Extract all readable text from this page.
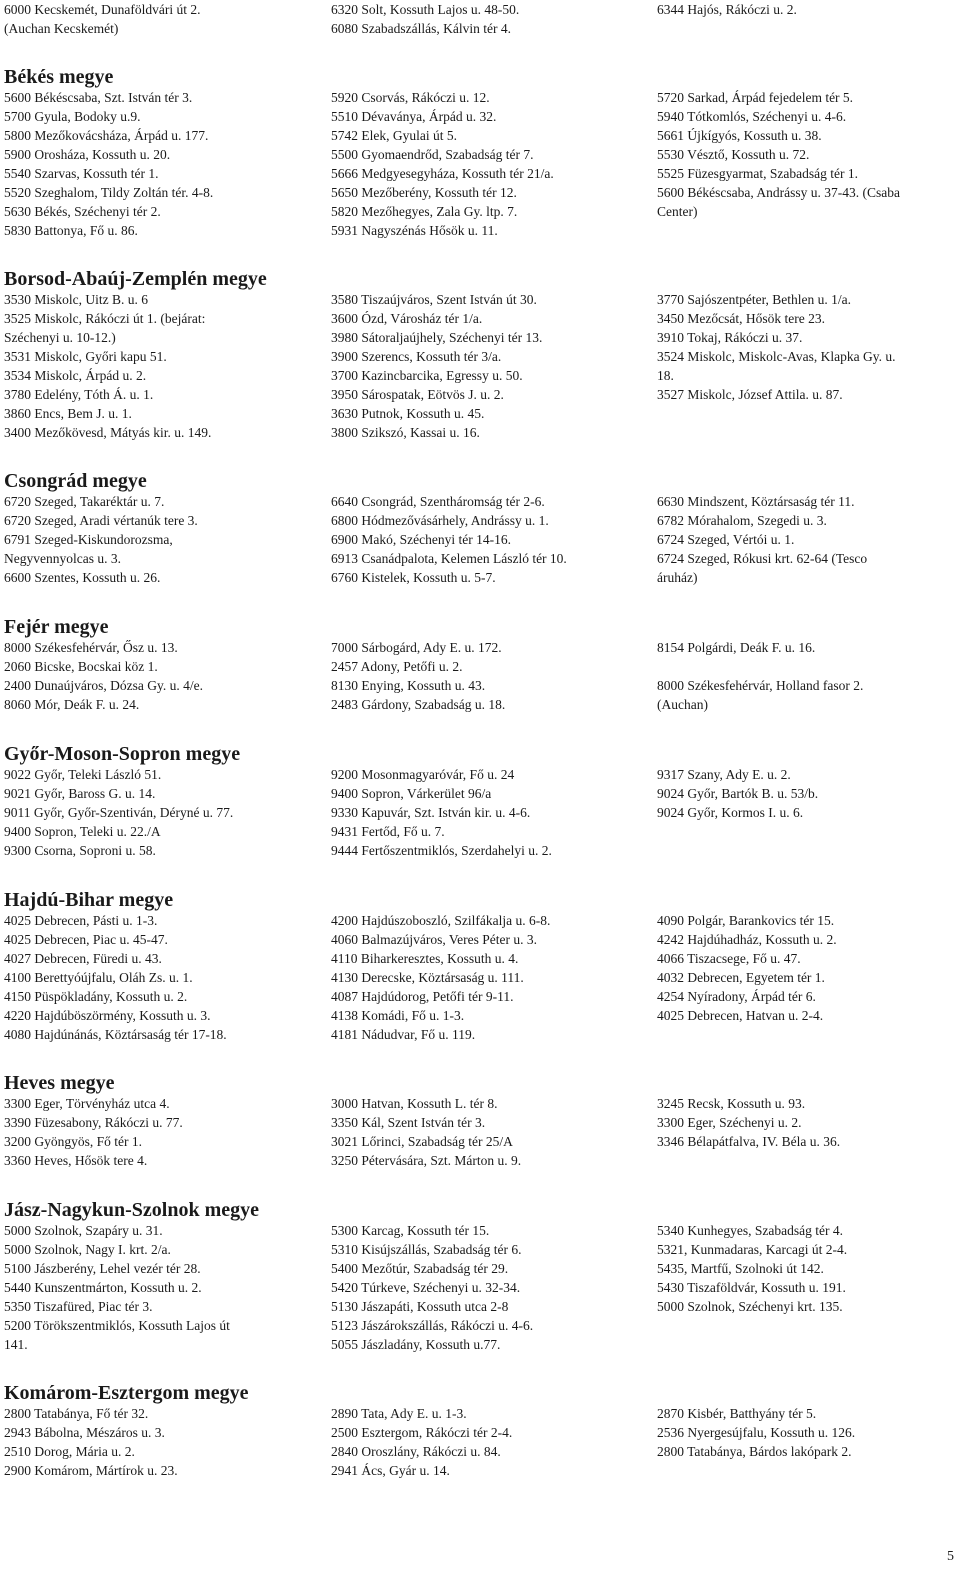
6000 Kecskemét, Dunaföldvári út 2.
(Auchan Kecskemét)
6320 Solt, Kossuth Lajos u. 48-50.
6080 Szabadszállás, Kálvin tér 4.
6344 Hajós, Rákóczi u. 2.
Békés megye
5600 Békéscsaba, Szt. István tér 3.
5700 Gyula, Bodoky u.9.
5800 Mezőkovácsháza, Árpád u. 177.
5900 Orosháza, Kossuth u. 20.
5540 Szarvas, Kossuth tér 1.
5520 Szeghalom, Tildy Zoltán tér. 4-8.
5630 Békés, Széchenyi tér 2.
5830 Battonya, Fő u. 86.
5920 Csorvás, Rákóczi u. 12.
5510 Dévaványa, Árpád u. 32.
5742 Elek, Gyulai út 5.
5500 Gyomaendrőd, Szabadság tér 7.
5666 Medgyesegyháza, Kossuth tér 21/a.
5650 Mezőberény, Kossuth tér 12.
5820 Mezőhegyes, Zala Gy. ltp. 7.
5931 Nagyszénás Hősök u. 11.
5720 Sarkad, Árpád fejedelem tér 5.
5940 Tótkomlós, Széchenyi u. 4-6.
5661 Újkígyós, Kossuth u. 38.
5530 Vésztő, Kossuth u. 72.
5525 Füzesgyarmat, Szabadság tér 1.
5600 Békéscsaba, Andrássy u. 37-43. (Csaba
Center)
Borsod-Abaúj-Zemplén megye
3530 Miskolc, Uitz B. u. 6
3525 Miskolc, Rákóczi út 1. (bejárat:
Széchenyi u. 10-12.)
3531 Miskolc, Győri kapu 51.
3534 Miskolc, Árpád u. 2.
3780 Edelény, Tóth Á. u. 1.
3860 Encs, Bem J. u. 1.
3400 Mezőkövesd, Mátyás kir. u. 149.
3580 Tiszaújváros, Szent István út 30.
3600 Ózd, Városház tér 1/a.
3980 Sátoraljaújhely, Széchenyi tér 13.
3900 Szerencs, Kossuth tér 3/a.
3700 Kazincbarcika, Egressy u. 50.
3950 Sárospatak, Eötvös J. u. 2.
3630 Putnok, Kossuth u. 45.
3800 Szikszó, Kassai u. 16.
3770 Sajószentpéter, Bethlen u. 1/a.
3450 Mezőcsát, Hősök tere 23.
3910 Tokaj, Rákóczi u. 37.
3524 Miskolc, Miskolc-Avas, Klapka Gy. u.
18.
3527 Miskolc, József Attila. u. 87.
Csongrád megye
6720 Szeged, Takaréktár u. 7.
6720 Szeged, Aradi vértanúk tere 3.
6791 Szeged-Kiskundorozsma,
Negyvennyolcas u. 3.
6600 Szentes, Kossuth u. 26.
6640 Csongrád, Szentháromság tér 2-6.
6800 Hódmezővásárhely, Andrássy u. 1.
6900 Makó, Széchenyi tér 14-16.
6913 Csanádpalota, Kelemen László tér 10.
6760 Kistelek, Kossuth u. 5-7.
6630 Mindszent, Köztársaság tér 11.
6782 Mórahalom, Szegedi u. 3.
6724 Szeged, Vértói u. 1.
6724 Szeged, Rókusi krt. 62-64 (Tesco
áruház)
Fejér megye
8000 Székesfehérvár, Ősz u. 13.
2060 Bicske, Bocskai köz 1.
2400 Dunaújváros, Dózsa Gy. u. 4/e.
8060 Mór, Deák F. u. 24.
7000 Sárbogárd, Ady E. u. 172.
2457 Adony, Petőfi u. 2.
8130 Enying, Kossuth u. 43.
2483 Gárdony, Szabadság u. 18.
8154 Polgárdi, Deák F. u. 16.
8000 Székesfehérvár, Holland fasor 2.
(Auchan)
Győr-Moson-Sopron megye
9022 Győr, Teleki László 51.
9021 Győr, Baross G. u. 14.
9011 Győr, Győr-Szentiván, Déryné u. 77.
9400 Sopron, Teleki u. 22./A
9300 Csorna, Soproni u. 58.
9200 Mosonmagyaróvár, Fő u. 24
9400 Sopron, Várkerület 96/a
9330 Kapuvár, Szt. István kir. u. 4-6.
9431 Fertőd, Fő u. 7.
9444 Fertőszentmiklós, Szerdahelyi u. 2.
9317 Szany, Ady E. u. 2.
9024 Győr, Bartók B. u. 53/b.
9024 Győr, Kormos I. u. 6.
Hajdú-Bihar megye
4025 Debrecen, Pásti u. 1-3.
4025 Debrecen, Piac u. 45-47.
4027 Debrecen, Füredi u. 43.
4100 Berettyóújfalu, Oláh Zs. u. 1.
4150 Püspökladány, Kossuth u. 2.
4220 Hajdúböszörmény, Kossuth u. 3.
4080 Hajdúnánás, Köztársaság tér 17-18.
4200 Hajdúszoboszló, Szilfákalja u. 6-8.
4060 Balmazújváros, Veres Péter u. 3.
4110 Biharkeresztes, Kossuth u. 4.
4130 Derecske, Köztársaság u. 111.
4087 Hajdúdorog, Petőfi tér 9-11.
4138 Komádi, Fő u. 1-3.
4181 Nádudvar, Fő u. 119.
4090 Polgár, Barankovics tér 15.
4242 Hajdúhadház, Kossuth u. 2.
4066 Tiszacsege, Fő u. 47.
4032 Debrecen, Egyetem tér 1.
4254 Nyíradony, Árpád tér 6.
4025 Debrecen, Hatvan u. 2-4.
Heves megye
3300 Eger, Törvényház utca 4.
3390 Füzesabony, Rákóczi u. 77.
3200 Gyöngyös, Fő tér 1.
3360 Heves, Hősök tere 4.
3000 Hatvan, Kossuth L. tér 8.
3350 Kál, Szent István tér 3.
3021 Lőrinci, Szabadság tér 25/A
3250 Pétervására, Szt. Márton u. 9.
3245 Recsk, Kossuth u. 93.
3300 Eger, Széchenyi u. 2.
3346 Bélapátfalva, IV. Béla u. 36.
Jász-Nagykun-Szolnok megye
5000 Szolnok, Szapáry u. 31.
5000 Szolnok, Nagy I. krt. 2/a.
5100 Jászberény, Lehel vezér tér 28.
5440 Kunszentmárton, Kossuth u. 2.
5350 Tiszafüred, Piac tér 3.
5200 Törökszentmiklós, Kossuth Lajos út
141.
5300 Karcag, Kossuth tér 15.
5310 Kisújszállás, Szabadság tér 6.
5400 Mezőtúr, Szabadság tér 29.
5420 Túrkeve, Széchenyi u. 32-34.
5130 Jászapáti, Kossuth utca 2-8
5123 Jászárokszállás, Rákóczi u. 4-6.
5055 Jászladány, Kossuth u.77.
5340 Kunhegyes, Szabadság tér 4.
5321, Kunmadaras, Karcagi út 2-4.
5435, Martfű, Szolnoki út 142.
5430 Tiszaföldvár, Kossuth u. 191.
5000 Szolnok, Széchenyi krt. 135.
Komárom-Esztergom megye
2800 Tatabánya, Fő tér 32.
2943 Bábolna, Mészáros u. 3.
2510 Dorog, Mária u. 2.
2900 Komárom, Mártírok u. 23.
2890 Tata, Ady E. u. 1-3.
2500 Esztergom, Rákóczi tér 2-4.
2840 Oroszlány, Rákóczi u. 84.
2941 Ács, Gyár u. 14.
2870 Kisbér, Batthyány tér 5.
2536 Nyergesújfalu, Kossuth u. 126.
2800 Tatabánya, Bárdos lakópark 2.
5
